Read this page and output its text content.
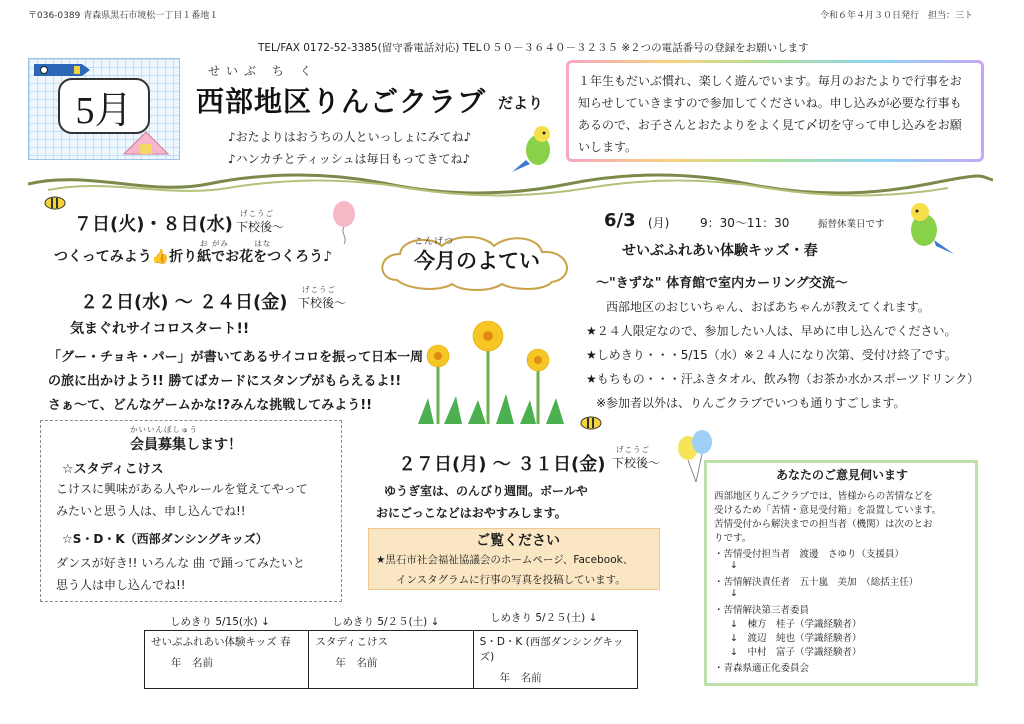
〒036-0389 青森県黒石市境松一丁目１番地１	令和６年４月３０日発行　担当：三ト
TEL/FAX 0172-52-3385(留守番電話対応) TEL０５０－３６４０－３２３５ ※２つの電話番号の登録をお願いします
5月
せいぶ ち く
西部地区りんごクラブ だより
♪おたよりはおうちの人といっしょにみてね♪
♪ハンカチとティッシュは毎日もってきてね♪
１年生もだいぶ慣れ、楽しく遊んでいます。毎月のおたよりで行事をお知らせしていきますので参加してくださいね。申し込みが必要な行事もあるので、お子さんとおたよりをよく見て〆切を守って申し込みをお願いします。
７日(火)・８日(水)
げこうご
下校後～
お がみ　　　はな
つくってみよう👍折り紙でお花をつくろう♪
２２日(水) ～ ２４日(金)
げこうご
下校後～
気まぐれサイコロスタート!!
「グー・チョキ・パー」が書いてあるサイコロを振って日本一周
の旅に出かけよう!! 勝てばカードにスタンプがもらえるよ!!
さぁ～て、どんなゲームかな!?みんな挑戦してみよう!!
こんげつ
今月のよてい
6/3 (月)	9：30～11：30	振替休業日です
せいぶふれあい体験キッズ・春
～"きずな" 体育館で室内カーリング交流～
西部地区のおじいちゃん、おばあちゃんが教えてくれます。
★２４人限定なので、参加したい人は、早めに申し込んでください。
★しめきり・・・5/15（水）※２４人になり次第、受付け終了です。
★もちもの・・・汗ふきタオル、飲み物（お茶か水かスポーツドリンク）
※参加者以外は、りんごクラブでいつも通りすごします。
２７日(月) ～ ３１日(金)
げこうご
下校後～
ゆうぎ室は、のんびり週間。ボールや
おにごっこなどはおやすみします。
かいいんぼしゅう
会員募集します！
☆スタディこけス
こけスに興味がある人やルールを覚えてやって
みたいと思う人は、申し込んでね!!
☆S・D・K（西部ダンシングキッズ）
ダンスが好き!! いろんな 曲 で踊ってみたいと
思う人は申し込んでね!!
ご覧ください
★黒石市社会福祉協議会のホームページ、Facebook、
インスタグラムに行事の写真を投稿しています。
あなたのご意見伺います
西部地区りんごクラブでは、皆様からの苦情などを
受けるため「苦情・意見受付箱」を設置しています。
苦情受付から解決までの担当者（機関）は次のとお
りです。
・苦情受付担当者　渡邊　さゆり（支援員）
↓
・苦情解決責任者　五十嵐　美加　（総括主任）
↓
・苦情解決第三者委員
↓　棟方　桂子（学識経験者）
↓　渡辺　純也（学識経験者）
↓　中村　富子（学識経験者）
・青森県適正化委員会
しめきり 5/15(水) ↓	しめきり 5/２５(土) ↓	しめきり 5/２５(土) ↓
せいぶふれあい体験キッズ 春
年　名前

スタディこけス
年　名前

S・D・K (西部ダンシングキッズ)
年　名前
